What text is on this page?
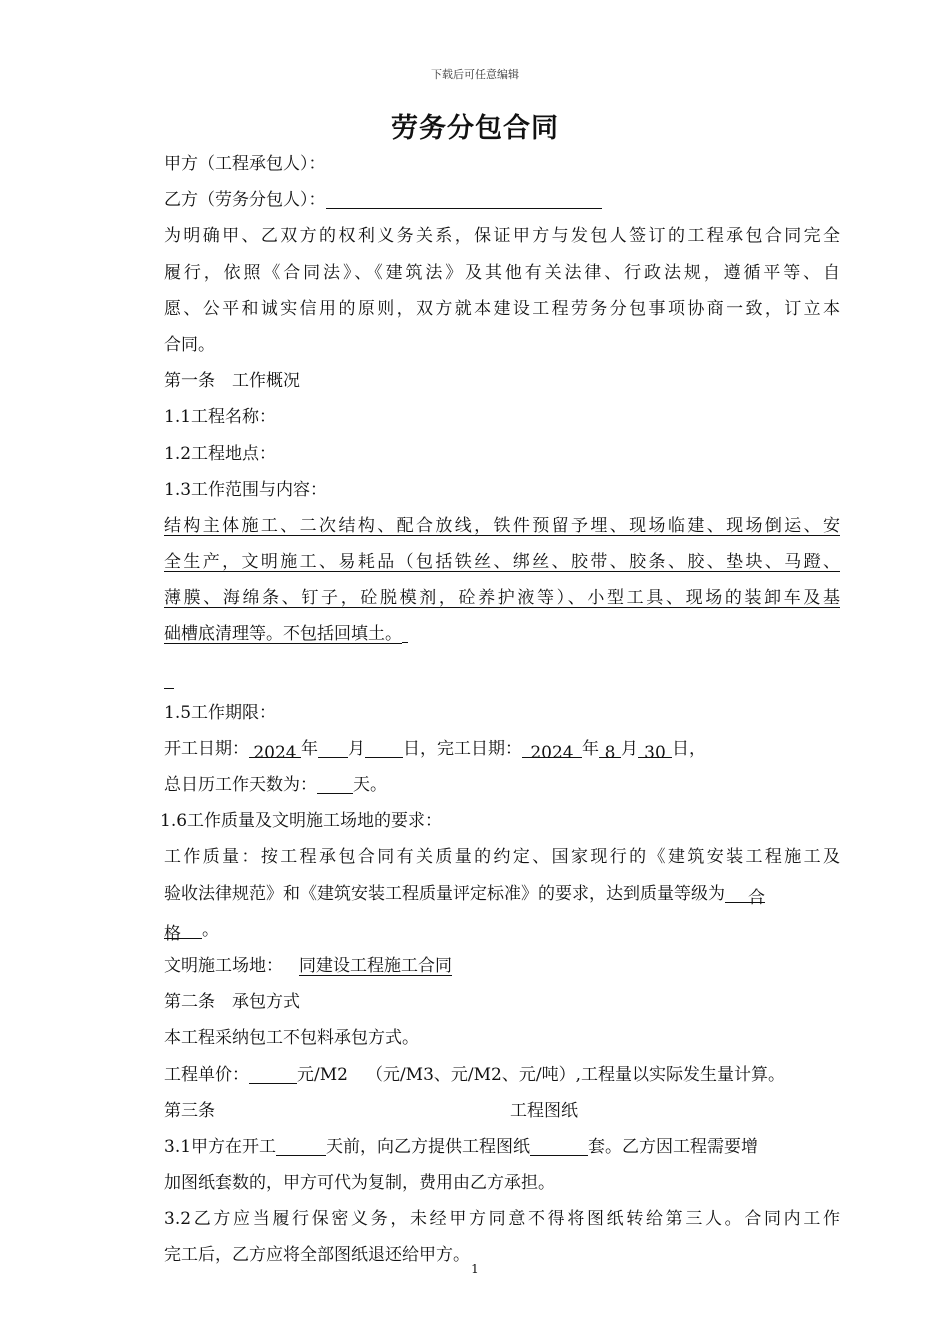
下载后可任意编辑
劳务分包合同
甲方（工程承包人）：
乙方（劳务分包人）：
为明确甲、乙双方的权利义务关系，保证甲方与发包人签订的工程承包合同完全
履行，依照《合同法》、《建筑法》及其他有关法律、行政法规，遵循平等、自
愿、公平和诚实信用的原则，双方就本建设工程劳务分包事项协商一致，订立本
合同。
第一条　工作概况
1.1工程名称：
1.2工程地点：
1.3工作范围与内容：
结构主体施工、二次结构、配合放线，铁件预留予埋、现场临建、现场倒运、安
全生产，文明施工、易耗品（包括铁丝、绑丝、胶带、胶条、胶、垫块、马蹬、
薄膜、海绵条、钉子，砼脱模剂，砼养护液等）、小型工具、现场的装卸车及基
础槽底清理等。不包括回填土。
1.5工作期限：
开工日期： 2024 年 月 日，完工日期： 2024 年 8 月 30 日，
总日历工作天数为： 天。
1.6工作质量及文明施工场地的要求：
工作质量：按工程承包合同有关质量的约定、国家现行的《建筑安装工程施工及
验收法律规范》和《建筑安装工程质量评定标准》的要求，达到质量等级为 合
格 。
文明施工场地： 同建设工程施工合同
第二条　承包方式
本工程采纳包工不包料承包方式。
工程单价：	元/M2 （元/M3、元/M2、元/吨）,工程量以实际发生量计算。
第三条	工程图纸
3.1甲方在开工	天前，向乙方提供工程图纸	套。乙方因工程需要增
加图纸套数的，甲方可代为复制，费用由乙方承担。
3.2乙方应当履行保密义务，未经甲方同意不得将图纸转给第三人。合同内工作
完工后，乙方应将全部图纸退还给甲方。
1
